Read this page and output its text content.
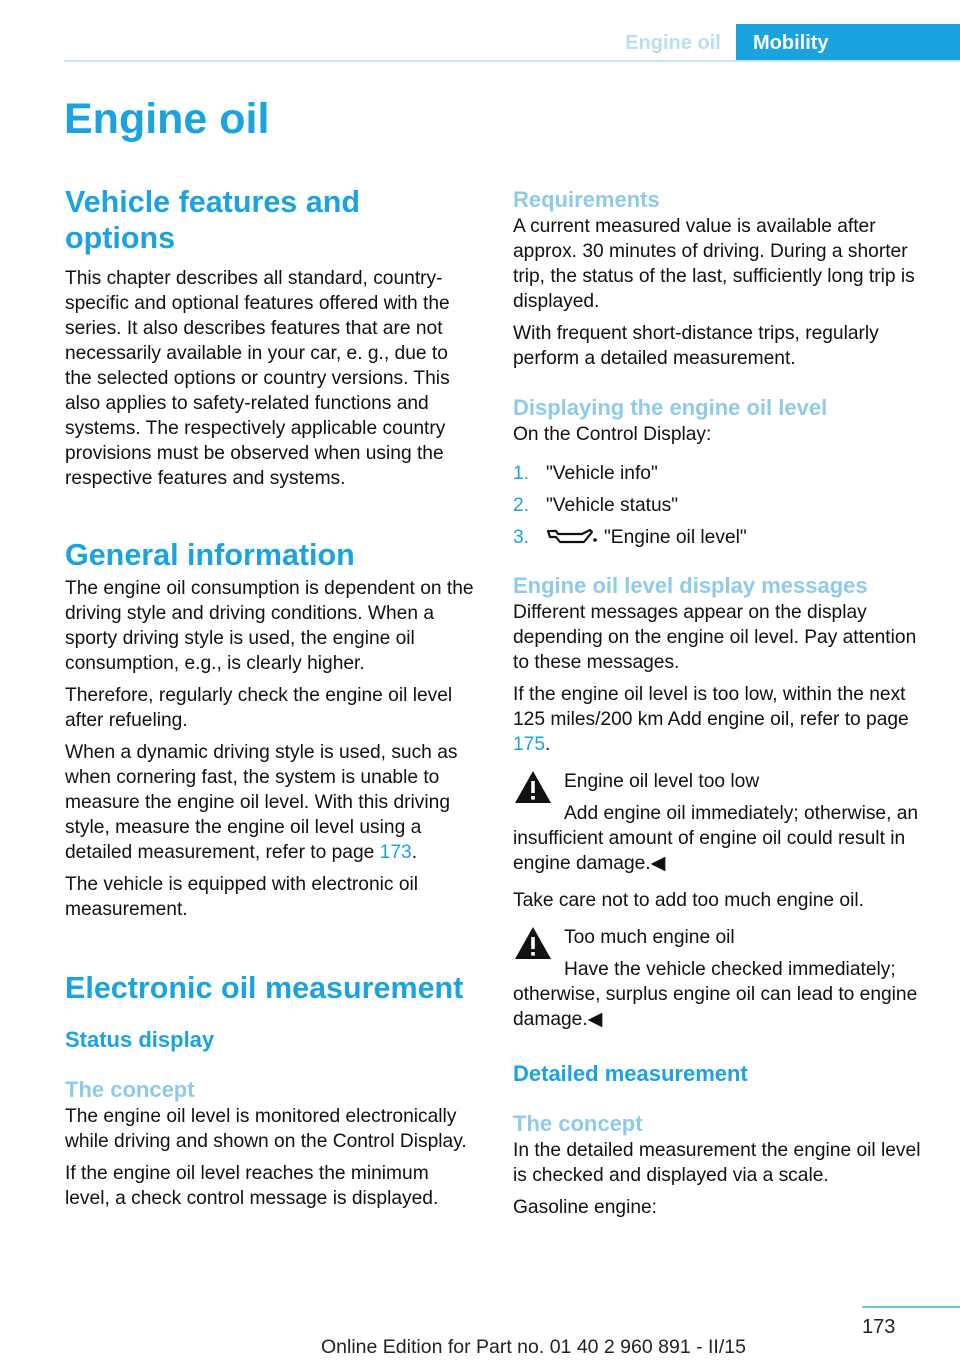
Engine oil	Mobility
Engine oil
Vehicle features and options

This chapter describes all standard, country-specific and optional features offered with the series. It also describes features that are not necessarily available in your car, e. g., due to the selected options or country versions. This also applies to safety-related functions and systems. The respectively applicable country provisions must be observed when using the respective features and systems.

General information

The engine oil consumption is dependent on the driving style and driving conditions. When a sporty driving style is used, the engine oil consumption, e.g., is clearly higher.

Therefore, regularly check the engine oil level after refueling.

When a dynamic driving style is used, such as when cornering fast, the system is unable to measure the engine oil level. With this driving style, measure the engine oil level using a detailed measurement, refer to page 173.

The vehicle is equipped with electronic oil measurement.

Electronic oil measurement
Status display
The concept

The engine oil level is monitored electronically while driving and shown on the Control Display.

If the engine oil level reaches the minimum level, a check control message is displayed.

Requirements

A current measured value is available after approx. 30 minutes of driving. During a shorter trip, the status of the last, sufficiently long trip is displayed.

With frequent short-distance trips, regularly perform a detailed measurement.

Displaying the engine oil level

On the Control Display:

1. "Vehicle info"
2. "Vehicle status"
3.	"Engine oil level"
Engine oil level display messages

Different messages appear on the display depending on the engine oil level. Pay attention to these messages.

If the engine oil level is too low, within the next 125 miles/200 km Add engine oil, refer to page 175.

Engine oil level too low

Add engine oil immediately; otherwise, an insufficient amount of engine oil could result in engine damage.◀

Take care not to add too much engine oil.

Too much engine oil

Have the vehicle checked immediately; otherwise, surplus engine oil can lead to engine damage.◀

Detailed measurement
The concept

In the detailed measurement the engine oil level is checked and displayed via a scale.

Gasoline engine:

173
Online Edition for Part no. 01 40 2 960 891 - II/15
